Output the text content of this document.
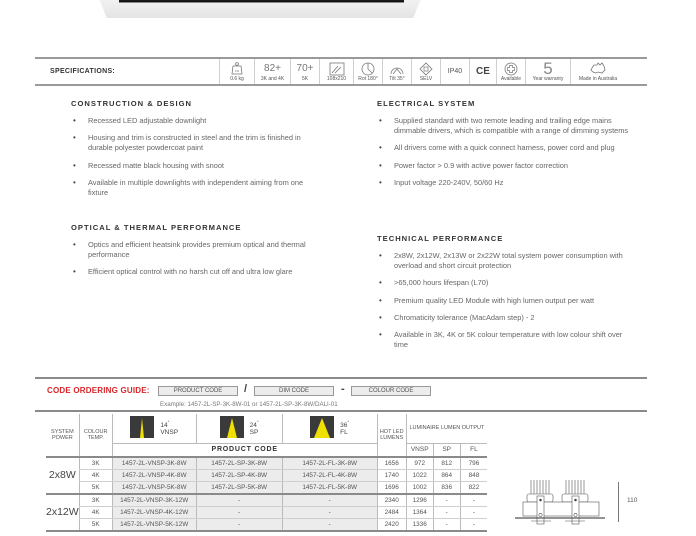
SPECIFICATIONS:	KG
0.6 kg
82+
3K and 4K
70+
5K	108x210 Rot 180° Tilt 35°	SELV
IP40 CE
Available
5
Year warranty	Made in Australia
CONSTRUCTION & DESIGN
• Recessed LED adjustable downlight
• Housing and trim is constructed in steel and the trim is finished in durable polyester powdercoat paint
• Recessed matte black housing with snoot
• Available in multiple downlights with independent aiming from one fixture
OPTICAL & THERMAL PERFORMANCE
• Optics and efficient heatsink provides premium optical and thermal performance
• Efficient optical control with no harsh cut off and ultra low glare
ELECTRICAL SYSTEM
• Supplied standard with two remote leading and trailing edge mains dimmable drivers, which is compatible with a range of dimming systems
• All drivers come with a quick connect harness, power cord and plug
• Power factor > 0.9 with active power factor correction
• Input voltage 220-240V, 50/60 Hz
TECHNICAL PERFORMANCE
• 2x8W, 2x12W, 2x13W or 2x22W total system power consumption with overload and short circuit protection
• >65,000 hours lifespan (L70)
• Premium quality LED Module with high lumen output per watt
• Chromaticity tolerance (MacAdam step) - 2
• Available in 3K, 4K or 5K colour temperature with low colour shift over time
CODE ORDERING GUIDE:	PRODUCT CODE	/	DIM CODE	-	COLOUR CODE
Example: 1457-2L-SP-3K-8W-01 or 1457-2L-SP-3K-8W/DALI-01
SYSTEM POWER	COLOUR TEMP.	14°
VNSP	24°
SP	36°
FL	HOT LED LUMENS	LUMINAIRE LUMEN OUTPUT		
		PRODUCT CODE				VNSP	SP	FL
2x8W	3K	1457-2L-VNSP-3K-8W	1457-2L-SP-3K-8W	1457-2L-FL-3K-8W	1656	972	812	796
	4K	1457-2L-VNSP-4K-8W	1457-2L-SP-4K-8W	1457-2L-FL-4K-8W	1740	1022	864	848
	5K	1457-2L-VNSP-5K-8W	1457-2L-SP-5K-8W	1457-2L-FL-5K-8W	1696	1002	836	822
2x12W	3K	1457-2L-VNSP-3K-12W	-	-	2340	1296	-	-
	4K	1457-2L-VNSP-4K-12W	-	-	2484	1364	-	-
	5K	1457-2L-VNSP-5K-12W	-	-	2420	1336	-	-
110
